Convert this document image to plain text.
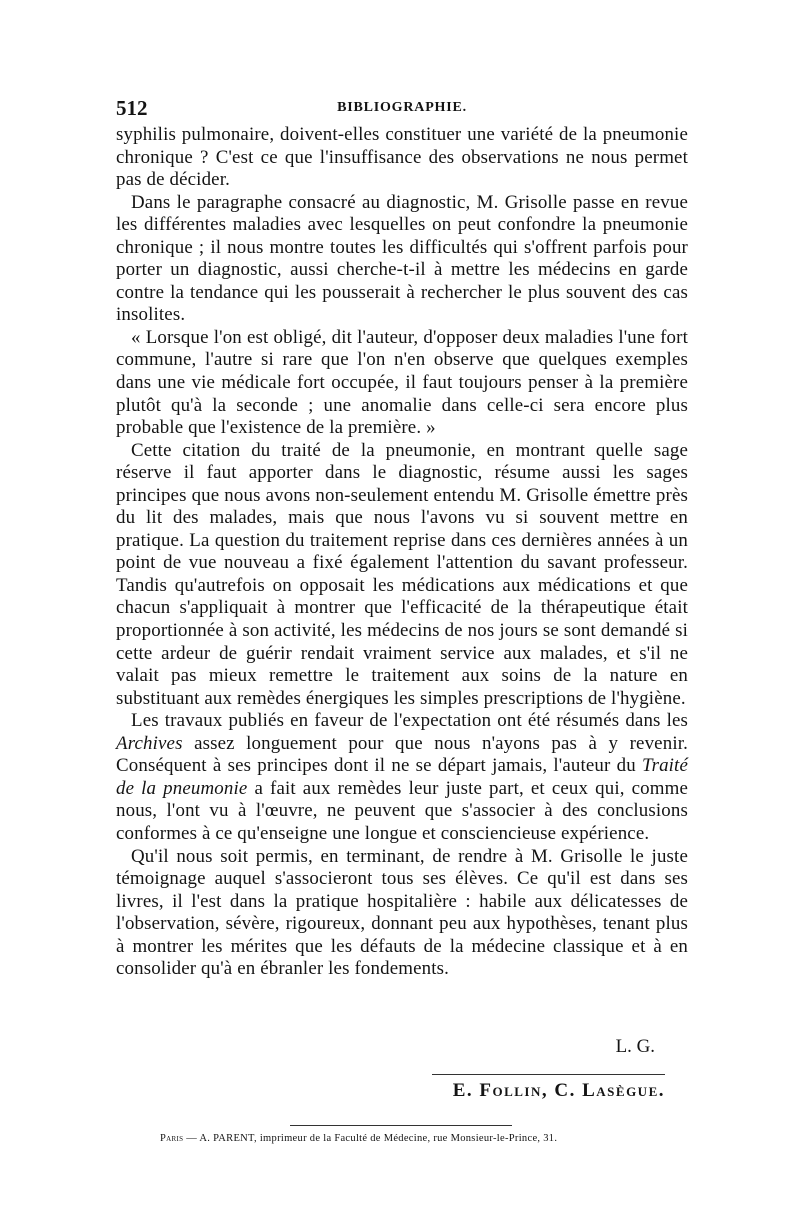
512	BIBLIOGRAPHIE.

syphilis pulmonaire, doivent-elles constituer une variété de la pneumonie chronique ? C'est ce que l'insuffisance des observations ne nous permet pas de décider.

Dans le paragraphe consacré au diagnostic, M. Grisolle passe en revue les différentes maladies avec lesquelles on peut confondre la pneumonie chronique ; il nous montre toutes les difficultés qui s'offrent parfois pour porter un diagnostic, aussi cherche-t-il à mettre les médecins en garde contre la tendance qui les pousserait à rechercher le plus souvent des cas insolites.

« Lorsque l'on est obligé, dit l'auteur, d'opposer deux maladies l'une fort commune, l'autre si rare que l'on n'en observe que quelques exemples dans une vie médicale fort occupée, il faut toujours penser à la première plutôt qu'à la seconde ; une anomalie dans celle-ci sera encore plus probable que l'existence de la première. »

Cette citation du traité de la pneumonie, en montrant quelle sage réserve il faut apporter dans le diagnostic, résume aussi les sages principes que nous avons non-seulement entendu M. Grisolle émettre près du lit des malades, mais que nous l'avons vu si souvent mettre en pratique. La question du traitement reprise dans ces dernières années à un point de vue nouveau a fixé également l'attention du savant professeur. Tandis qu'autrefois on opposait les médications aux médications et que chacun s'appliquait à montrer que l'efficacité de la thérapeutique était proportionnée à son activité, les médecins de nos jours se sont demandé si cette ardeur de guérir rendait vraiment service aux malades, et s'il ne valait pas mieux remettre le traitement aux soins de la nature en substituant aux remèdes énergiques les simples prescriptions de l'hygiène.

Les travaux publiés en faveur de l'expectation ont été résumés dans les Archives assez longuement pour que nous n'ayons pas à y revenir. Conséquent à ses principes dont il ne se départ jamais, l'auteur du Traité de la pneumonie a fait aux remèdes leur juste part, et ceux qui, comme nous, l'ont vu à l'œuvre, ne peuvent que s'associer à des conclusions conformes à ce qu'enseigne une longue et consciencieuse expérience.

Qu'il nous soit permis, en terminant, de rendre à M. Grisolle le juste témoignage auquel s'associeront tous ses élèves. Ce qu'il est dans ses livres, il l'est dans la pratique hospitalière : habile aux délicatesses de l'observation, sévère, rigoureux, donnant peu aux hypothèses, tenant plus à montrer les mérites que les défauts de la médecine classique et à en consolider qu'à en ébranler les fondements.

L. G.
E. Follin, C. Lasègue.
Paris — A. PARENT, imprimeur de la Faculté de Médecine, rue Monsieur-le-Prince, 31.
